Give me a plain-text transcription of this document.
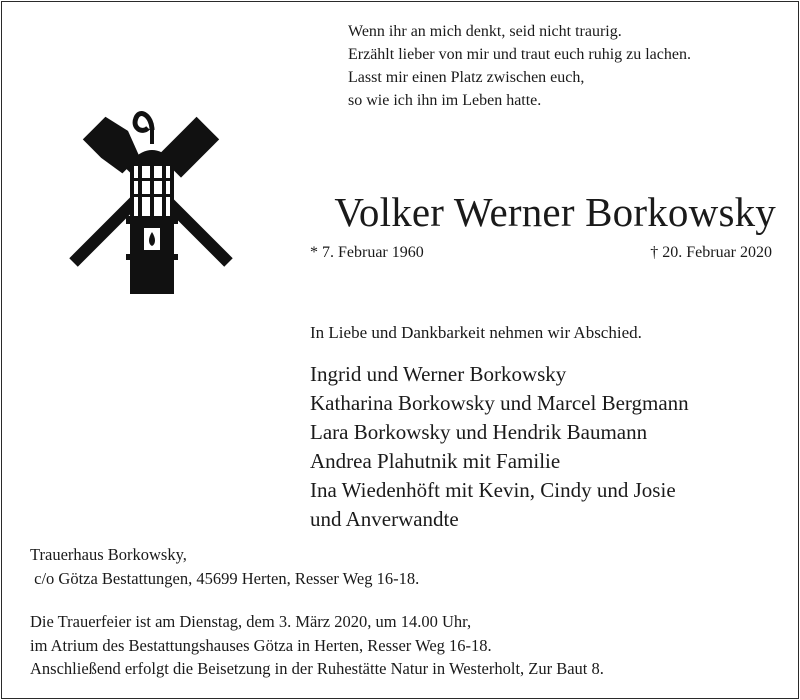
Wenn ihr an mich denkt, seid nicht traurig.
Erzählt lieber von mir und traut euch ruhig zu lachen.
Lasst mir einen Platz zwischen euch,
so wie ich ihn im Leben hatte.
Volker Werner Borkowsky
* 7. Februar 1960	† 20. Februar 2020
In Liebe und Dankbarkeit nehmen wir Abschied.
Ingrid und Werner Borkowsky
Katharina Borkowsky und Marcel Bergmann
Lara Borkowsky und Hendrik Baumann
Andrea Plahutnik mit Familie
Ina Wiedenhöft mit Kevin, Cindy und Josie
und Anverwandte
Trauerhaus Borkowsky,
c/o Götza Bestattungen, 45699 Herten, Resser Weg 16-18.
Die Trauerfeier ist am Dienstag, dem 3. März 2020, um 14.00 Uhr,
im Atrium des Bestattungshauses Götza in Herten, Resser Weg 16-18.
Anschließend erfolgt die Beisetzung in der Ruhestätte Natur in Westerholt, Zur Baut 8.
